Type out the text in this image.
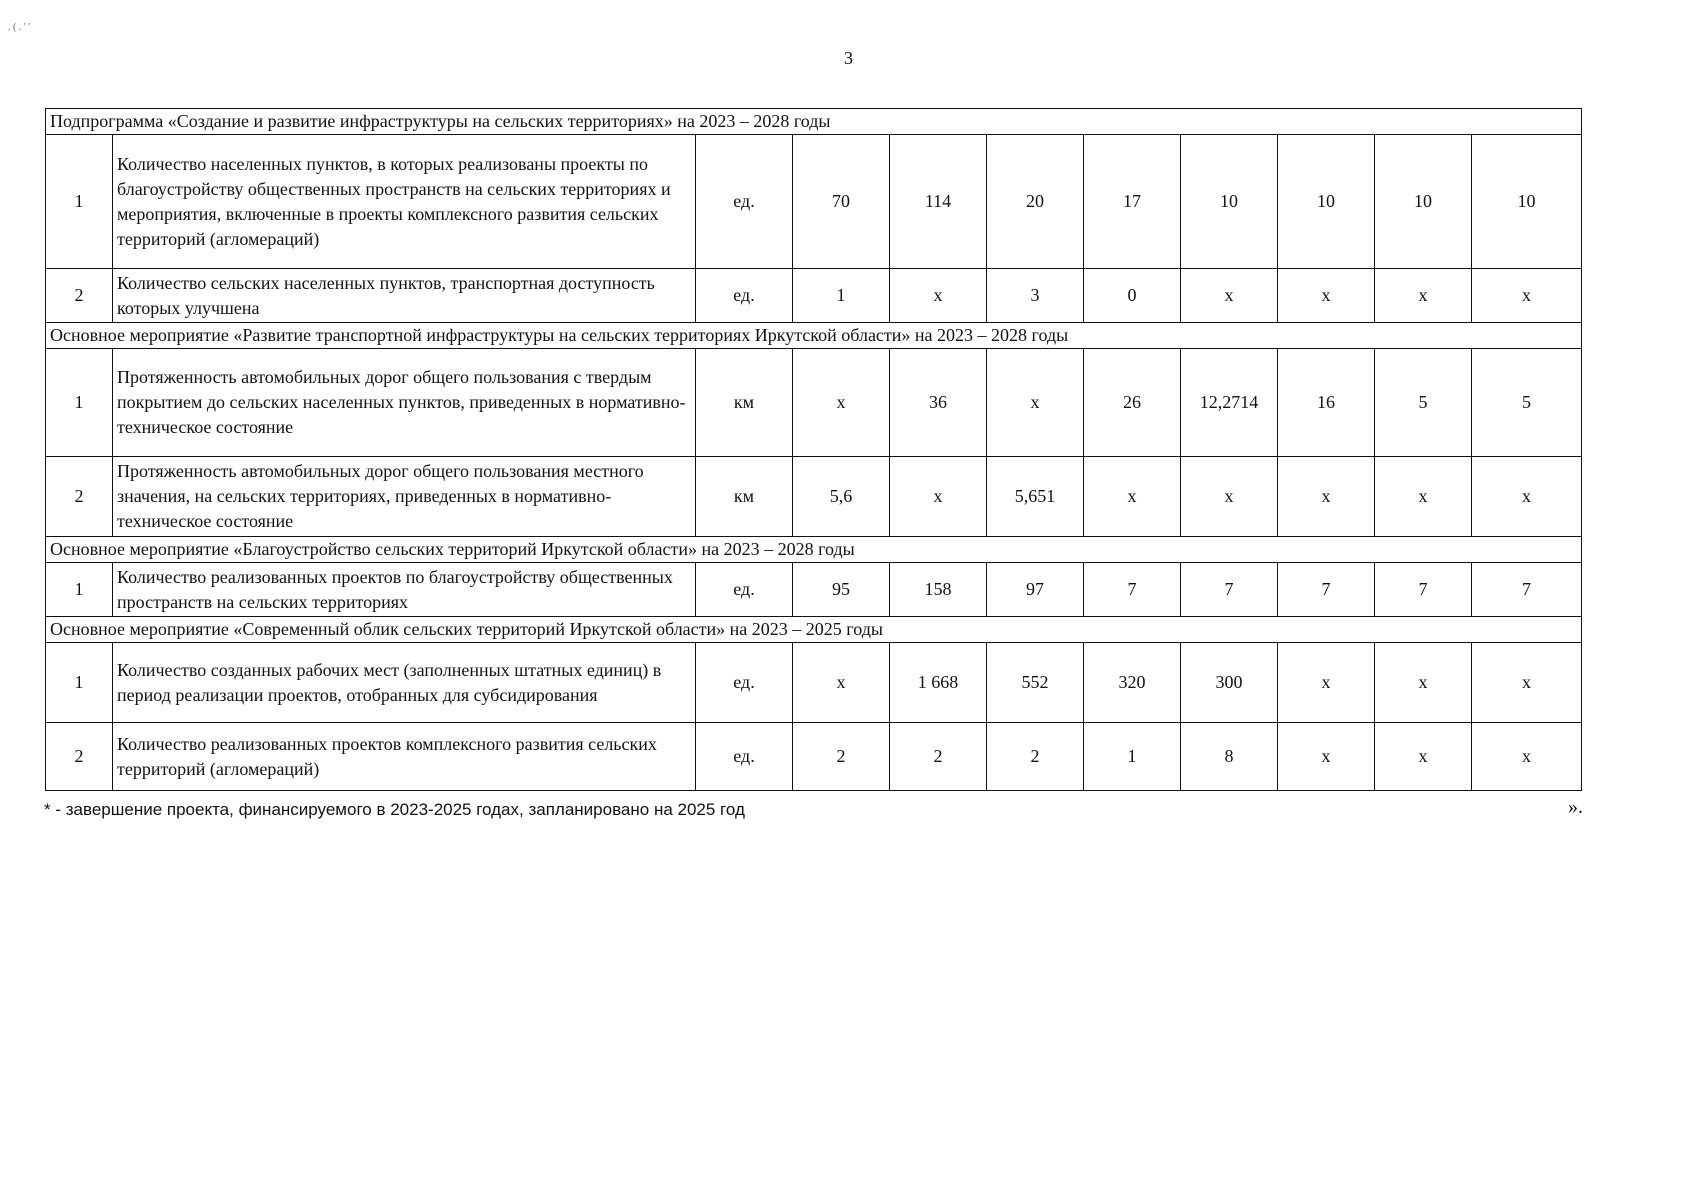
. ( . ' '
3
Подпрограмма «Создание и развитие инфраструктуры на сельских территориях» на 2023 – 2028 годы										
1	Количество населенных пунктов, в которых реализованы проекты по благоустройству общественных пространств на сельских территориях и мероприятия, включенные в проекты комплексного развития сельских территорий (агломераций)	ед.	70	114	20	17	10	10	10	10
2	Количество сельских населенных пунктов, транспортная доступность которых улучшена	ед.	1	х	3	0	х	х	х	х
Основное мероприятие «Развитие транспортной инфраструктуры на сельских территориях Иркутской области» на 2023 – 2028 годы										
1	Протяженность автомобильных дорог общего пользования с твердым покрытием до сельских населенных пунктов, приведенных в нормативно-техническое состояние	км	х	36	х	26	12,2714	16	5	5
2	Протяженность автомобильных дорог общего пользования местного значения, на сельских территориях, приведенных в нормативно-техническое состояние	км	5,6	х	5,651	х	х	х	х	х
Основное мероприятие «Благоустройство сельских территорий Иркутской области» на 2023 – 2028 годы										
1	Количество реализованных проектов по благоустройству общественных пространств на сельских территориях	ед.	95	158	97	7	7	7	7	7
Основное мероприятие «Современный облик сельских территорий Иркутской области» на 2023 – 2025 годы										
1	Количество созданных рабочих мест (заполненных штатных единиц) в период реализации проектов, отобранных для субсидирования	ед.	х	1 668	552	320	300	х	х	х
2	Количество реализованных проектов комплексного развития сельских территорий (агломераций)	ед.	2	2	2	1	8	х	х	х
* - завершение проекта, финансируемого в 2023-2025 годах, запланировано на 2025 год	».
